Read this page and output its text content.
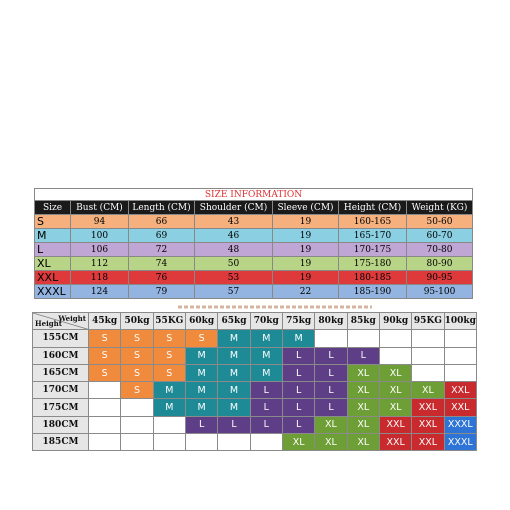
SIZE INFORMATION						
Size	Bust (CM)	Length (CM)	Shoulder (CM)	Sleeve (CM)	Height (CM)	Weight (KG)
S	94	66	43	19	160-165	50-60
M	100	69	46	19	165-170	60-70
L	106	72	48	19	170-175	70-80
XL	112	74	50	19	175-180	80-90
XXL	118	76	53	19	180-185	90-95
XXXL	124	79	57	22	185-190	95-100
Weight
Height	45kg	50kg	55KG	60kg	65kg	70kg	75kg	80kg	85kg	90kg	95KG	100kg
155CM	S	S	S	S	M	M	M					
160CM	S	S	S	M	M	M	L	L	L			
165CM	S	S	S	M	M	M	L	L	XL	XL		
170CM		S	M	M	M	L	L	L	XL	XL	XL	XXL
175CM			M	M	M	L	L	L	XL	XL	XXL	XXL
180CM				L	L	L	L	XL	XL	XXL	XXL	XXXL
185CM							XL	XL	XL	XXL	XXL	XXXL
